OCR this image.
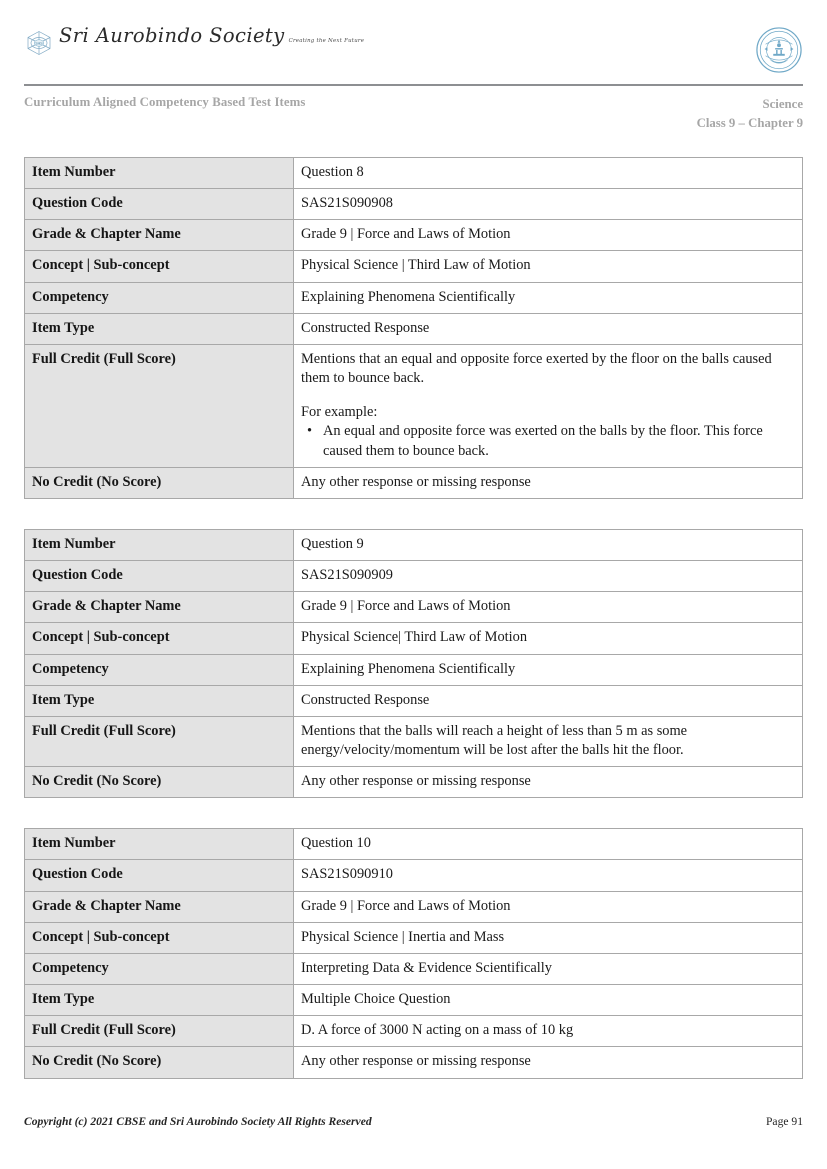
SAS Sri Aurobindo Society Creating the Next Future
Curriculum Aligned Competency Based Test Items	Science
Class 9 – Chapter 9
Item Number	Question 8

Question Code	SAS21S090908

Grade & Chapter Name	Grade 9 | Force and Laws of Motion

Concept | Sub-concept	Physical Science | Third Law of Motion

Competency	Explaining Phenomena Scientifically

Item Type	Constructed Response

Full Credit (Full Score)	Mentions that an equal and opposite force exerted by the floor on the balls caused them to bounce back.
For example:
• An equal and opposite force was exerted on the balls by the floor. This force caused them to bounce back.

No Credit (No Score)	Any other response or missing response
Item Number	Question 9

Question Code	SAS21S090909

Grade & Chapter Name	Grade 9 | Force and Laws of Motion

Concept | Sub-concept	Physical Science| Third Law of Motion

Competency	Explaining Phenomena Scientifically

Item Type	Constructed Response

Full Credit (Full Score)	Mentions that the balls will reach a height of less than 5 m as some energy/velocity/momentum will be lost after the balls hit the floor.

No Credit (No Score)	Any other response or missing response
Item Number	Question 10

Question Code	SAS21S090910

Grade & Chapter Name	Grade 9 | Force and Laws of Motion

Concept | Sub-concept	Physical Science | Inertia and Mass

Competency	Interpreting Data & Evidence Scientifically

Item Type	Multiple Choice Question

Full Credit (Full Score)	D. A force of 3000 N acting on a mass of 10 kg

No Credit (No Score)	Any other response or missing response
Copyright (c) 2021 CBSE and Sri Aurobindo Society All Rights Reserved	Page 91
